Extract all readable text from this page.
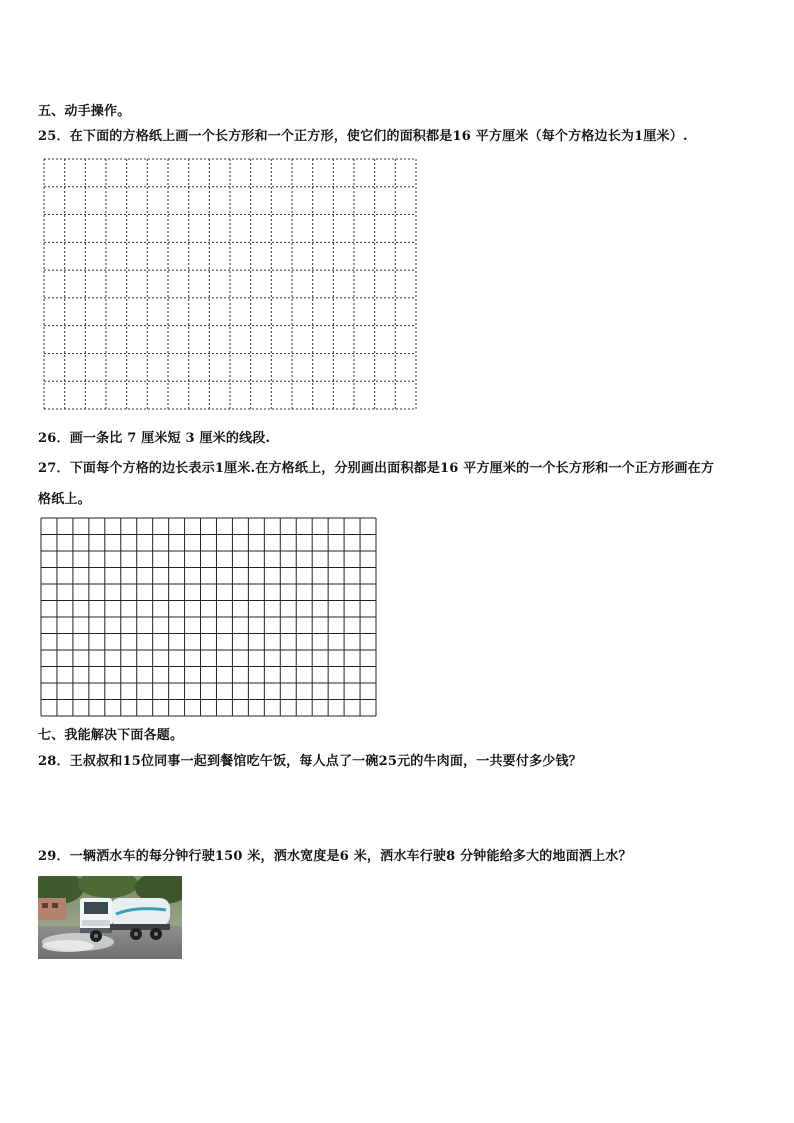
五、动手操作。
25．在下面的方格纸上画一个长方形和一个正方形，使它们的面积都是16 平方厘米（每个方格边长为1厘米）.
26．画一条比 7 厘米短 3 厘米的线段.
27．下面每个方格的边长表示1厘米.在方格纸上，分别画出面积都是16 平方厘米的一个长方形和一个正方形画在方
格纸上。
七、我能解决下面各题。
28．王叔叔和15位同事一起到餐馆吃午饭，每人点了一碗25元的牛肉面，一共要付多少钱？
29．一辆洒水车的每分钟行驶150 米，洒水宽度是6 米，洒水车行驶8 分钟能给多大的地面洒上水？
